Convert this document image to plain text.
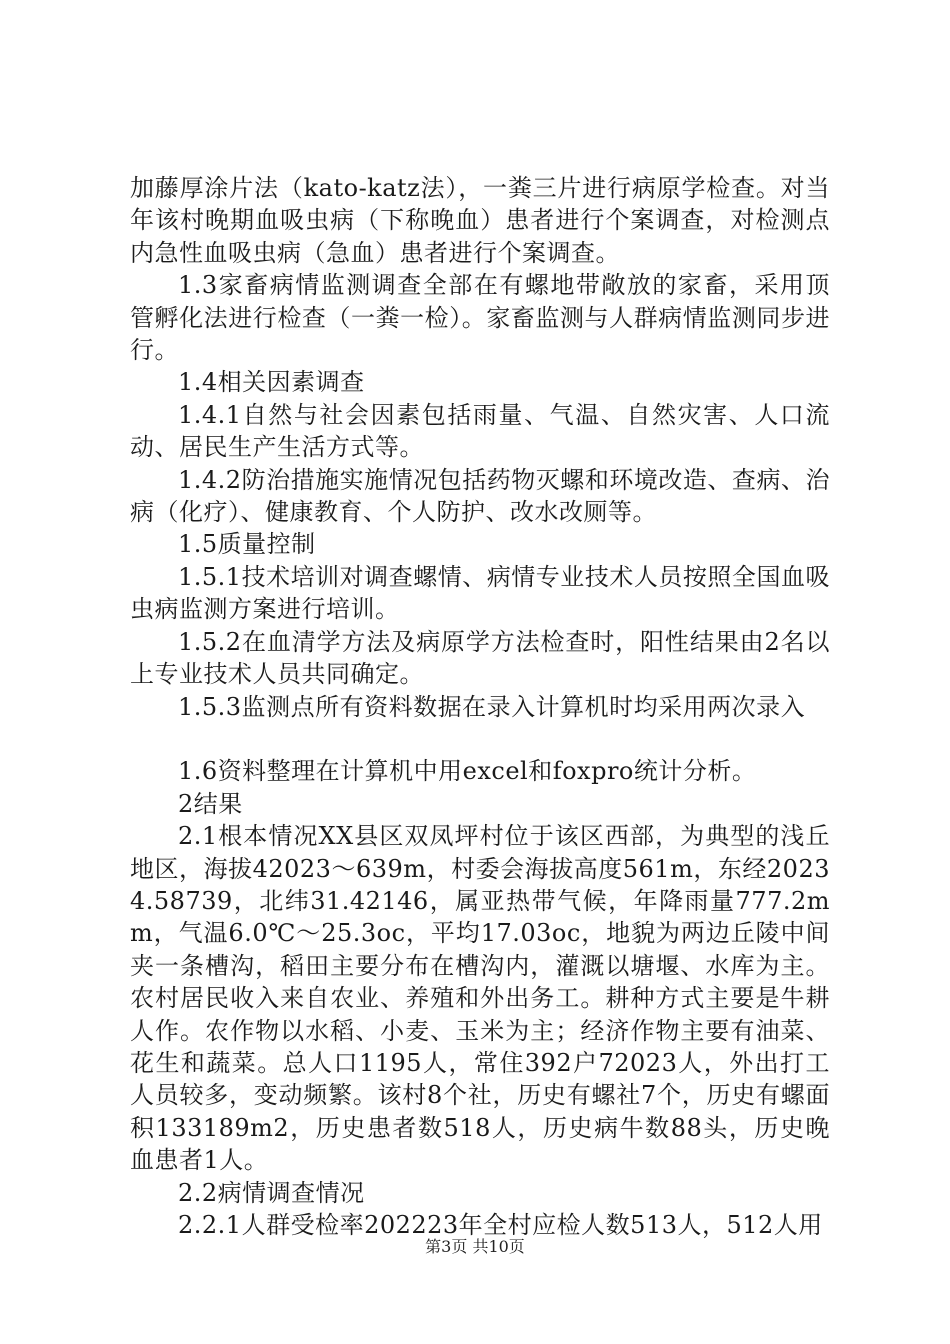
加藤厚涂片法（kato-katz法），一粪三片进行病原学检查。对当年该村晚期血吸虫病（下称晚血）患者进行个案调查，对检测点内急性血吸虫病（急血）患者进行个案调查。

1.3家畜病情监测调查全部在有螺地带敞放的家畜，采用顶管孵化法进行检查（一粪一检）。家畜监测与人群病情监测同步进行。

1.4相关因素调查

1.4.1自然与社会因素包括雨量、气温、自然灾害、人口流动、居民生产生活方式等。

1.4.2防治措施实施情况包括药物灭螺和环境改造、查病、治病（化疗）、健康教育、个人防护、改水改厕等。

1.5质量控制

1.5.1技术培训对调查螺情、病情专业技术人员按照全国血吸虫病监测方案进行培训。

1.5.2在血清学方法及病原学方法检查时，阳性结果由2名以上专业技术人员共同确定。

1.5.3监测点所有资料数据在录入计算机时均采用两次录入

1.6资料整理在计算机中用excel和foxpro统计分析。

2结果

2.1根本情况XX县区双凤坪村位于该区西部，为典型的浅丘地区，海拔42023～639m，村委会海拔高度561m，东经20234.58739，北纬31.42146，属亚热带气候，年降雨量777.2mm，气温6.0℃～25.3oc，平均17.03oc，地貌为两边丘陵中间夹一条槽沟，稻田主要分布在槽沟内，灌溉以塘堰、水库为主。农村居民收入来自农业、养殖和外出务工。耕种方式主要是牛耕人作。农作物以水稻、小麦、玉米为主；经济作物主要有油菜、花生和蔬菜。总人口1195人，常住392户72023人，外出打工人员较多，变动频繁。该村8个社，历史有螺社7个，历史有螺面积133189m2，历史患者数518人，历史病牛数88头，历史晚血患者1人。

2.2病情调查情况

2.2.1人群受检率202223年全村应检人数513人，512人用

第3页 共10页
